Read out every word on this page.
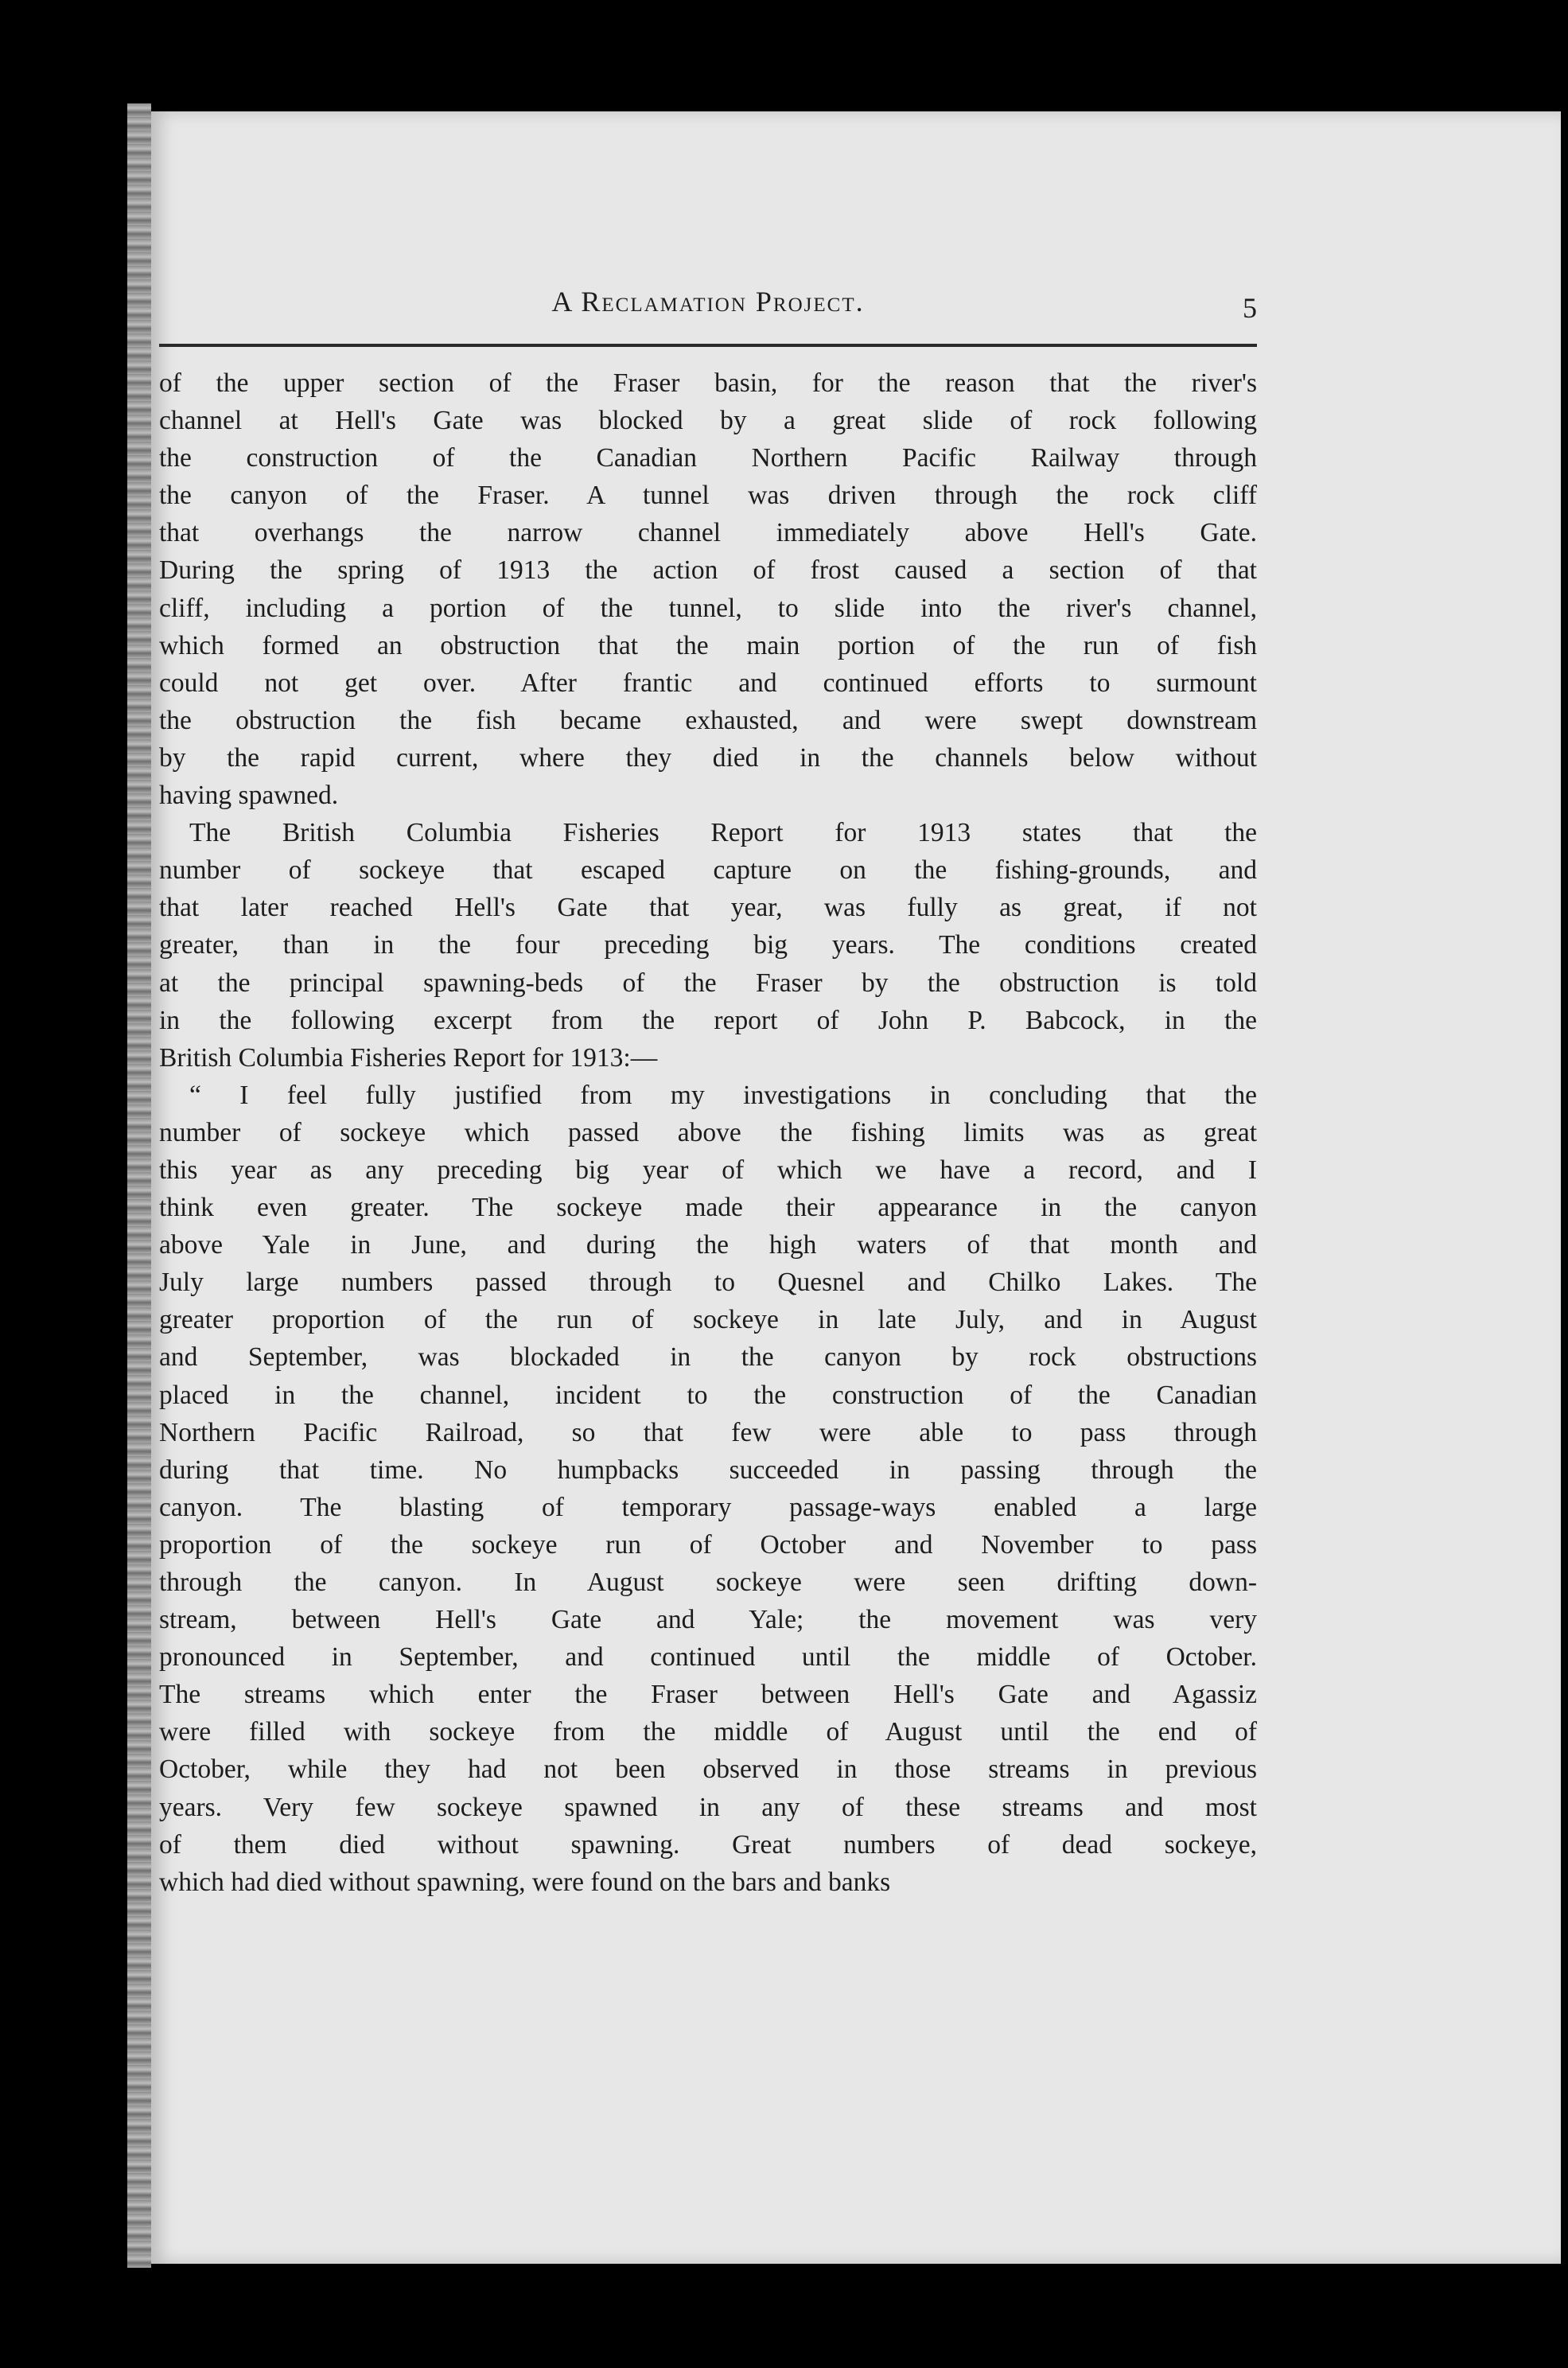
A Reclamation Project.	5
of the upper section of the Fraser basin, for the reason that the river's
channel at Hell's Gate was blocked by a great slide of rock following
the construction of the Canadian Northern Pacific Railway through
the canyon of the Fraser. A tunnel was driven through the rock cliff
that overhangs the narrow channel immediately above Hell's Gate.
During the spring of 1913 the action of frost caused a section of that
cliff, including a portion of the tunnel, to slide into the river's channel,
which formed an obstruction that the main portion of the run of fish
could not get over. After frantic and continued efforts to surmount
the obstruction the fish became exhausted, and were swept downstream
by the rapid current, where they died in the channels below without
having spawned.
The British Columbia Fisheries Report for 1913 states that the
number of sockeye that escaped capture on the fishing-grounds, and
that later reached Hell's Gate that year, was fully as great, if not
greater, than in the four preceding big years. The conditions created
at the principal spawning-beds of the Fraser by the obstruction is told
in the following excerpt from the report of John P. Babcock, in the
British Columbia Fisheries Report for 1913:—
“ I feel fully justified from my investigations in concluding that the
number of sockeye which passed above the fishing limits was as great
this year as any preceding big year of which we have a record, and I
think even greater. The sockeye made their appearance in the canyon
above Yale in June, and during the high waters of that month and
July large numbers passed through to Quesnel and Chilko Lakes. The
greater proportion of the run of sockeye in late July, and in August
and September, was blockaded in the canyon by rock obstructions
placed in the channel, incident to the construction of the Canadian
Northern Pacific Railroad, so that few were able to pass through
during that time. No humpbacks succeeded in passing through the
canyon. The blasting of temporary passage-ways enabled a large
proportion of the sockeye run of October and November to pass
through the canyon. In August sockeye were seen drifting down-
stream, between Hell's Gate and Yale; the movement was very
pronounced in September, and continued until the middle of October.
The streams which enter the Fraser between Hell's Gate and Agassiz
were filled with sockeye from the middle of August until the end of
October, while they had not been observed in those streams in previous
years. Very few sockeye spawned in any of these streams and most
of them died without spawning. Great numbers of dead sockeye,
which had died without spawning, were found on the bars and banks
